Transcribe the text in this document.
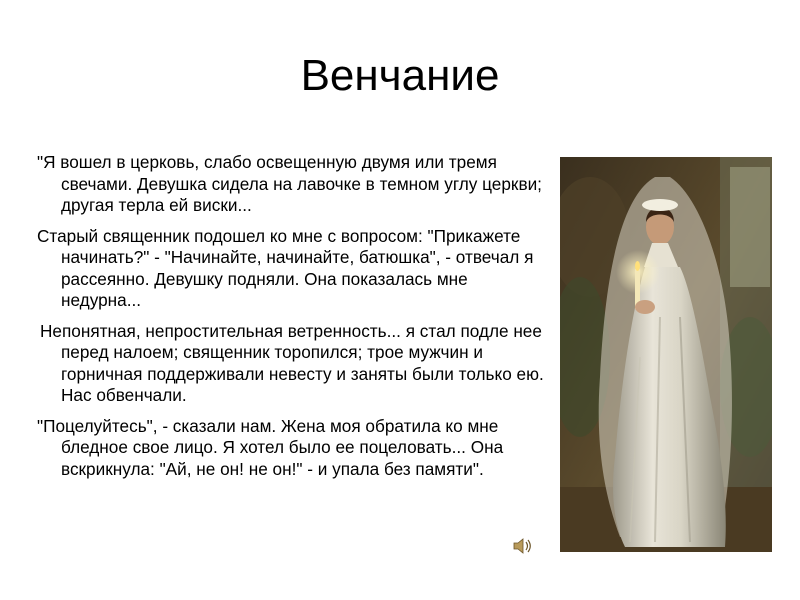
Венчание

"Я вошел в церковь, слабо освещенную двумя или тремя свечами. Девушка сидела на лавочке в темном углу церкви; другая терла ей виски...

Старый священник подошел ко мне с вопросом: "Прикажете начинать?" - "Начинайте, начинайте, батюшка", - отвечал я рассеянно. Девушку подняли. Она показалась мне недурна...

Непонятная, непростительная ветренность... я стал подле нее перед налоем; священник торопился; трое мужчин и горничная поддерживали невесту и заняты были только ею. Нас обвенчали.

"Поцелуйтесь", - сказали нам. Жена моя обратила ко мне бледное свое лицо. Я хотел было ее поцеловать... Она вскрикнула: "Ай, не он! не он!" - и упала без памяти".
